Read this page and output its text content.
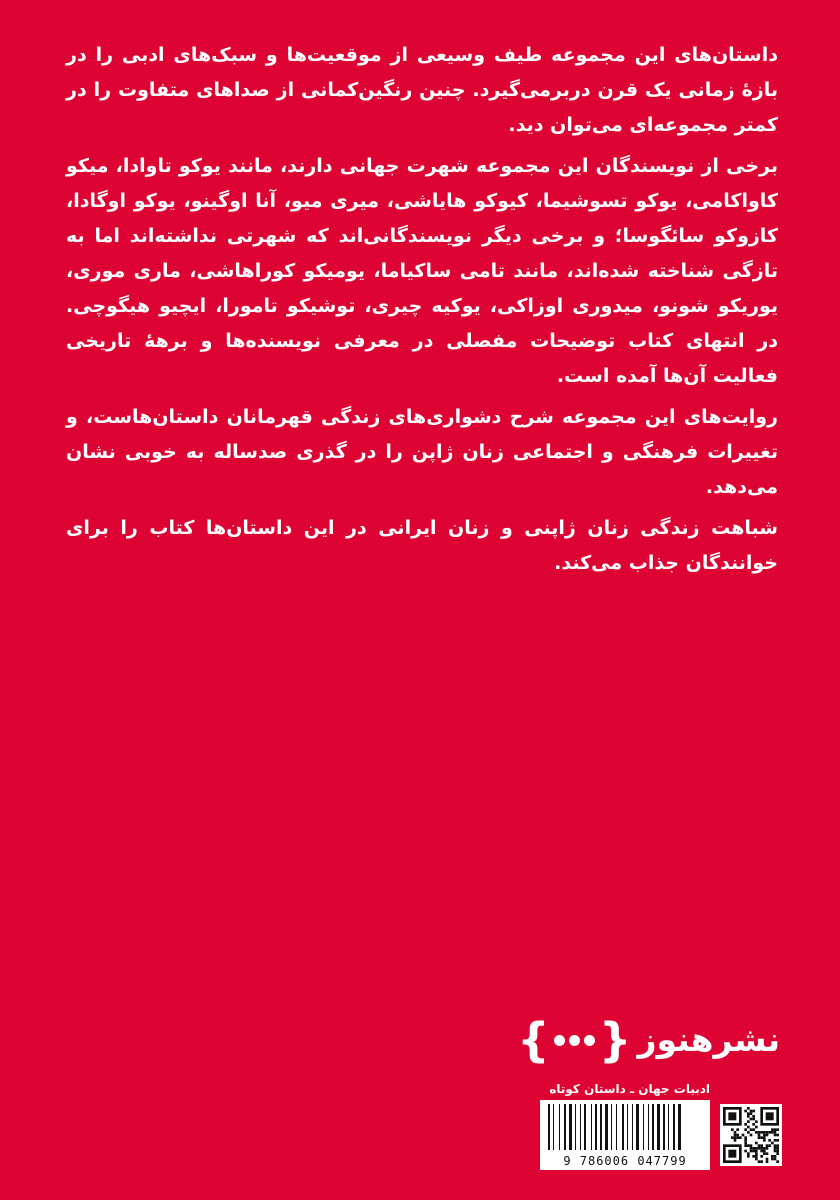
داستان‌های این مجموعه طیف وسیعی از موقعیت‌ها و سبک‌های ادبی را در بازهٔ زمانی یک قرن دربرمی‌گیرد. چنین رنگین‌کمانی از صداهای متفاوت را در کمتر مجموعه‌ای می‌توان دید.

برخی از نویسندگان این مجموعه شهرت جهانی دارند، مانند یوکو تاوادا، میکو کاواکامی، یوکو تسوشیما، کیوکو هایاشی، میری میو، آنا اوگینو، یوکو اوگادا، کازوکو سائگوسا؛ و برخی دیگر نویسندگانی‌اند که شهرتی نداشته‌اند اما به تازگی شناخته شده‌اند، مانند تامی ساکیاما، یومیکو کوراهاشی، ماری موری، یوریکو شونو، میدوری اوزاکی، یوکیه چیری، توشیکو تامورا، ایچیو هیگوچی. در انتهای کتاب توضیحات مفصلی در معرفی نویسنده‌ها و برههٔ تاریخی فعالیت آن‌ها آمده است.

روایت‌های این مجموعه شرح دشواری‌های زندگی قهرمانان داستان‌هاست، و تغییرات فرهنگی و اجتماعی زنان ژاپن را در گذری صدساله به خوبی نشان می‌دهد.

شباهت زندگی زنان ژاپنی و زنان ایرانی در این داستان‌ها کتاب را برای خوانندگان جذاب می‌کند.

نشرهنوز
{ }
ادبیات جهان ـ داستان کوتاه
9 786006 047799
